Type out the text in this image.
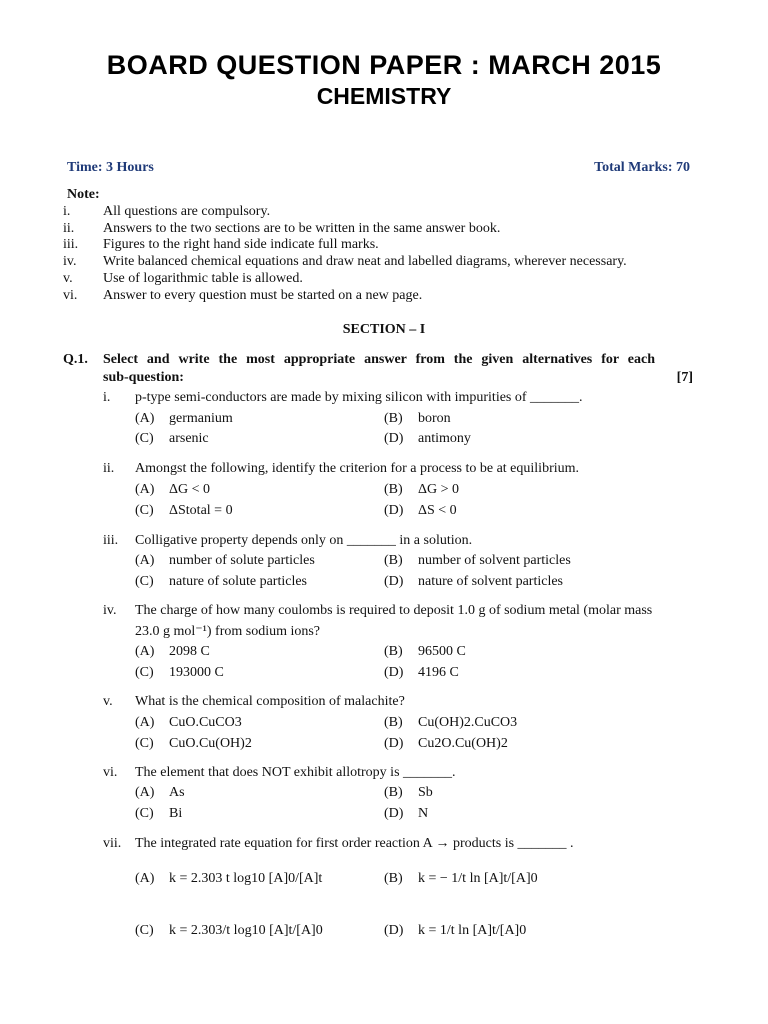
BOARD QUESTION PAPER : MARCH 2015
CHEMISTRY
Time: 3 Hours	Total Marks: 70
Note:
i. All questions are compulsory.
ii. Answers to the two sections are to be written in the same answer book.
iii. Figures to the right hand side indicate full marks.
iv. Write balanced chemical equations and draw neat and labelled diagrams, wherever necessary.
v. Use of logarithmic table is allowed.
vi. Answer to every question must be started on a new page.
SECTION – I
Q.1. Select and write the most appropriate answer from the given alternatives for each
sub-question:	[7]
i. p-type semi-conductors are made by mixing silicon with impurities of _______.
(A) germanium	(B) boron
(C) arsenic	(D) antimony
ii. Amongst the following, identify the criterion for a process to be at equilibrium.
(A) ΔG < 0	(B) ΔG > 0
(C) ΔStotal = 0	(D) ΔS < 0
iii. Colligative property depends only on _______ in a solution.
(A) number of solute particles	(B) number of solvent particles
(C) nature of solute particles	(D) nature of solvent particles
iv. The charge of how many coulombs is required to deposit 1.0 g of sodium metal (molar mass
23.0 g mol⁻¹) from sodium ions?
(A) 2098 C	(B) 96500 C
(C) 193000 C	(D) 4196 C
v. What is the chemical composition of malachite?
(A) CuO.CuCO3	(B) Cu(OH)2.CuCO3
(C) CuO.Cu(OH)2	(D) Cu2O.Cu(OH)2
vi. The element that does NOT exhibit allotropy is _______.
(A) As	(B) Sb
(C) Bi	(D) N
vii. The integrated rate equation for first order reaction A → products is _______ .
(A) k = 2.303 t log10 [A]0/[A]t	(B) k = − 1/t ln [A]t/[A]0
(C) k = 2.303/t log10 [A]t/[A]0	(D) k = 1/t ln [A]t/[A]0
